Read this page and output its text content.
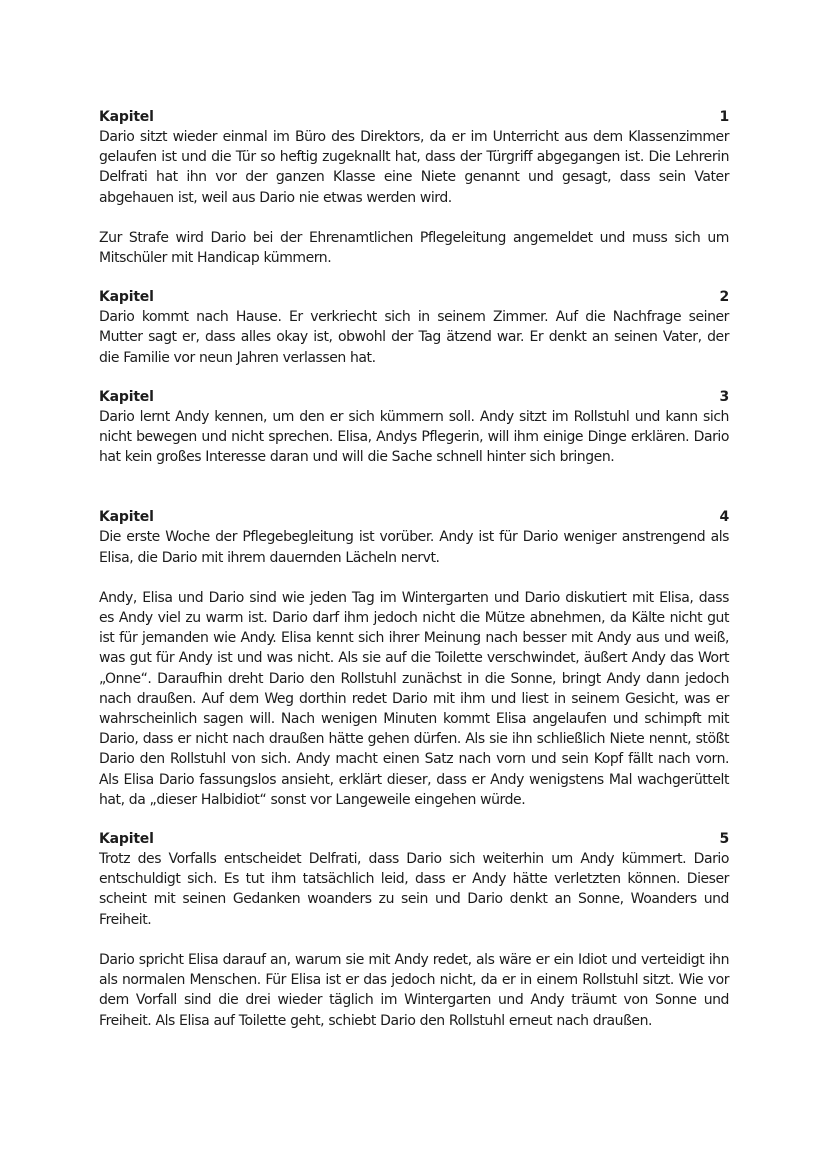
Kapitel	1

Dario sitzt wieder einmal im Büro des Direktors, da er im Unterricht aus dem Klassenzimmer gelaufen ist und die Tür so heftig zugeknallt hat, dass der Türgriff abgegangen ist. Die Lehrerin Delfrati hat ihn vor der ganzen Klasse eine Niete genannt und gesagt, dass sein Vater abgehauen ist, weil aus Dario nie etwas werden wird.

Zur Strafe wird Dario bei der Ehrenamtlichen Pflegeleitung angemeldet und muss sich um Mitschüler mit Handicap kümmern.

Kapitel	2

Dario kommt nach Hause. Er verkriecht sich in seinem Zimmer. Auf die Nachfrage seiner Mutter sagt er, dass alles okay ist, obwohl der Tag ätzend war. Er denkt an seinen Vater, der die Familie vor neun Jahren verlassen hat.

Kapitel	3

Dario lernt Andy kennen, um den er sich kümmern soll. Andy sitzt im Rollstuhl und kann sich nicht bewegen und nicht sprechen. Elisa, Andys Pflegerin, will ihm einige Dinge erklären. Dario hat kein großes Interesse daran und will die Sache schnell hinter sich bringen.

Kapitel	4

Die erste Woche der Pflegebegleitung ist vorüber. Andy ist für Dario weniger anstrengend als Elisa, die Dario mit ihrem dauernden Lächeln nervt.

Andy, Elisa und Dario sind wie jeden Tag im Wintergarten und Dario diskutiert mit Elisa, dass es Andy viel zu warm ist. Dario darf ihm jedoch nicht die Mütze abnehmen, da Kälte nicht gut ist für jemanden wie Andy. Elisa kennt sich ihrer Meinung nach besser mit Andy aus und weiß, was gut für Andy ist und was nicht. Als sie auf die Toilette verschwindet, äußert Andy das Wort „Onne“. Daraufhin dreht Dario den Rollstuhl zunächst in die Sonne, bringt Andy dann jedoch nach draußen. Auf dem Weg dorthin redet Dario mit ihm und liest in seinem Gesicht, was er wahrscheinlich sagen will. Nach wenigen Minuten kommt Elisa angelaufen und schimpft mit Dario, dass er nicht nach draußen hätte gehen dürfen. Als sie ihn schließlich Niete nennt, stößt Dario den Rollstuhl von sich. Andy macht einen Satz nach vorn und sein Kopf fällt nach vorn. Als Elisa Dario fassungslos ansieht, erklärt dieser, dass er Andy wenigstens Mal wachgerüttelt hat, da „dieser Halbidiot“ sonst vor Langeweile eingehen würde.

Kapitel	5

Trotz des Vorfalls entscheidet Delfrati, dass Dario sich weiterhin um Andy kümmert. Dario entschuldigt sich. Es tut ihm tatsächlich leid, dass er Andy hätte verletzten können. Dieser scheint mit seinen Gedanken woanders zu sein und Dario denkt an Sonne, Woanders und Freiheit.

Dario spricht Elisa darauf an, warum sie mit Andy redet, als wäre er ein Idiot und verteidigt ihn als normalen Menschen. Für Elisa ist er das jedoch nicht, da er in einem Rollstuhl sitzt. Wie vor dem Vorfall sind die drei wieder täglich im Wintergarten und Andy träumt von Sonne und Freiheit. Als Elisa auf Toilette geht, schiebt Dario den Rollstuhl erneut nach draußen.
